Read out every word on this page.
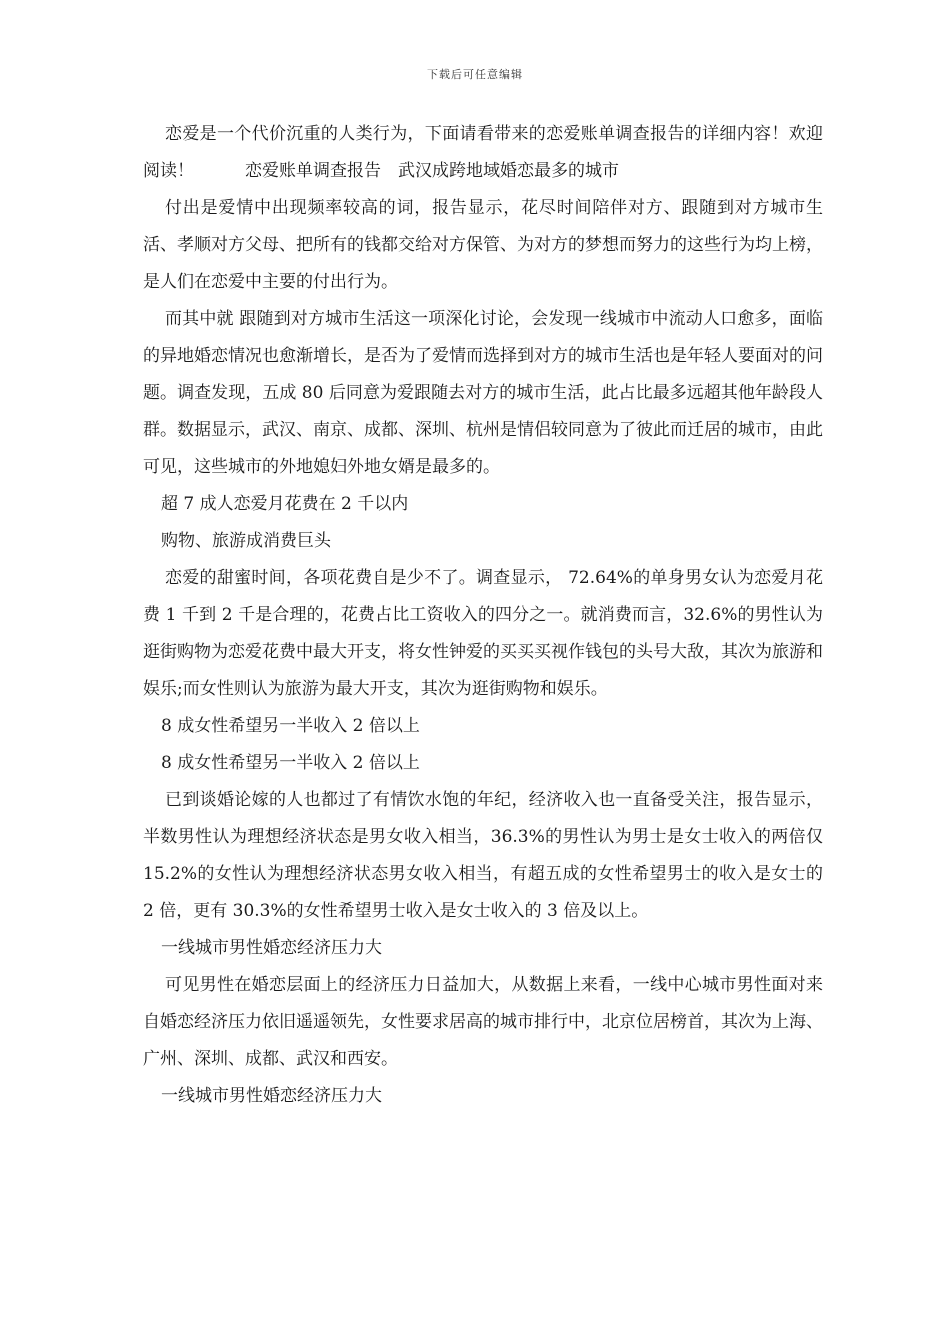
下载后可任意编辑

恋爱是一个代价沉重的人类行为，下面请看带来的恋爱账单调查报告的详细内容！欢迎阅读！　　　恋爱账单调查报告　武汉成跨地域婚恋最多的城市

付出是爱情中出现频率较高的词，报告显示，花尽时间陪伴对方、跟随到对方城市生活、孝顺对方父母、把所有的钱都交给对方保管、为对方的梦想而努力的这些行为均上榜，是人们在恋爱中主要的付出行为。

而其中就 跟随到对方城市生活这一项深化讨论，会发现一线城市中流动人口愈多，面临的异地婚恋情况也愈渐增长，是否为了爱情而选择到对方的城市生活也是年轻人要面对的问题。调查发现，五成 80 后同意为爱跟随去对方的城市生活，此占比最多远超其他年龄段人群。数据显示，武汉、南京、成都、深圳、杭州是情侣较同意为了彼此而迁居的城市，由此可见，这些城市的外地媳妇外地女婿是最多的。

超 7 成人恋爱月花费在 2 千以内

购物、旅游成消费巨头

恋爱的甜蜜时间，各项花费自是少不了。调查显示， 72.64%的单身男女认为恋爱月花费 1 千到 2 千是合理的，花费占比工资收入的四分之一。就消费而言，32.6%的男性认为逛街购物为恋爱花费中最大开支，将女性钟爱的买买买视作钱包的头号大敌，其次为旅游和娱乐;而女性则认为旅游为最大开支，其次为逛街购物和娱乐。

8 成女性希望另一半收入 2 倍以上

8 成女性希望另一半收入 2 倍以上

已到谈婚论嫁的人也都过了有情饮水饱的年纪，经济收入也一直备受关注，报告显示，半数男性认为理想经济状态是男女收入相当，36.3%的男性认为男士是女士收入的两倍仅 15.2%的女性认为理想经济状态男女收入相当，有超五成的女性希望男士的收入是女士的 2 倍，更有 30.3%的女性希望男士收入是女士收入的 3 倍及以上。

一线城市男性婚恋经济压力大

可见男性在婚恋层面上的经济压力日益加大，从数据上来看，一线中心城市男性面对来自婚恋经济压力依旧遥遥领先，女性要求居高的城市排行中，北京位居榜首，其次为上海、广州、深圳、成都、武汉和西安。

一线城市男性婚恋经济压力大
